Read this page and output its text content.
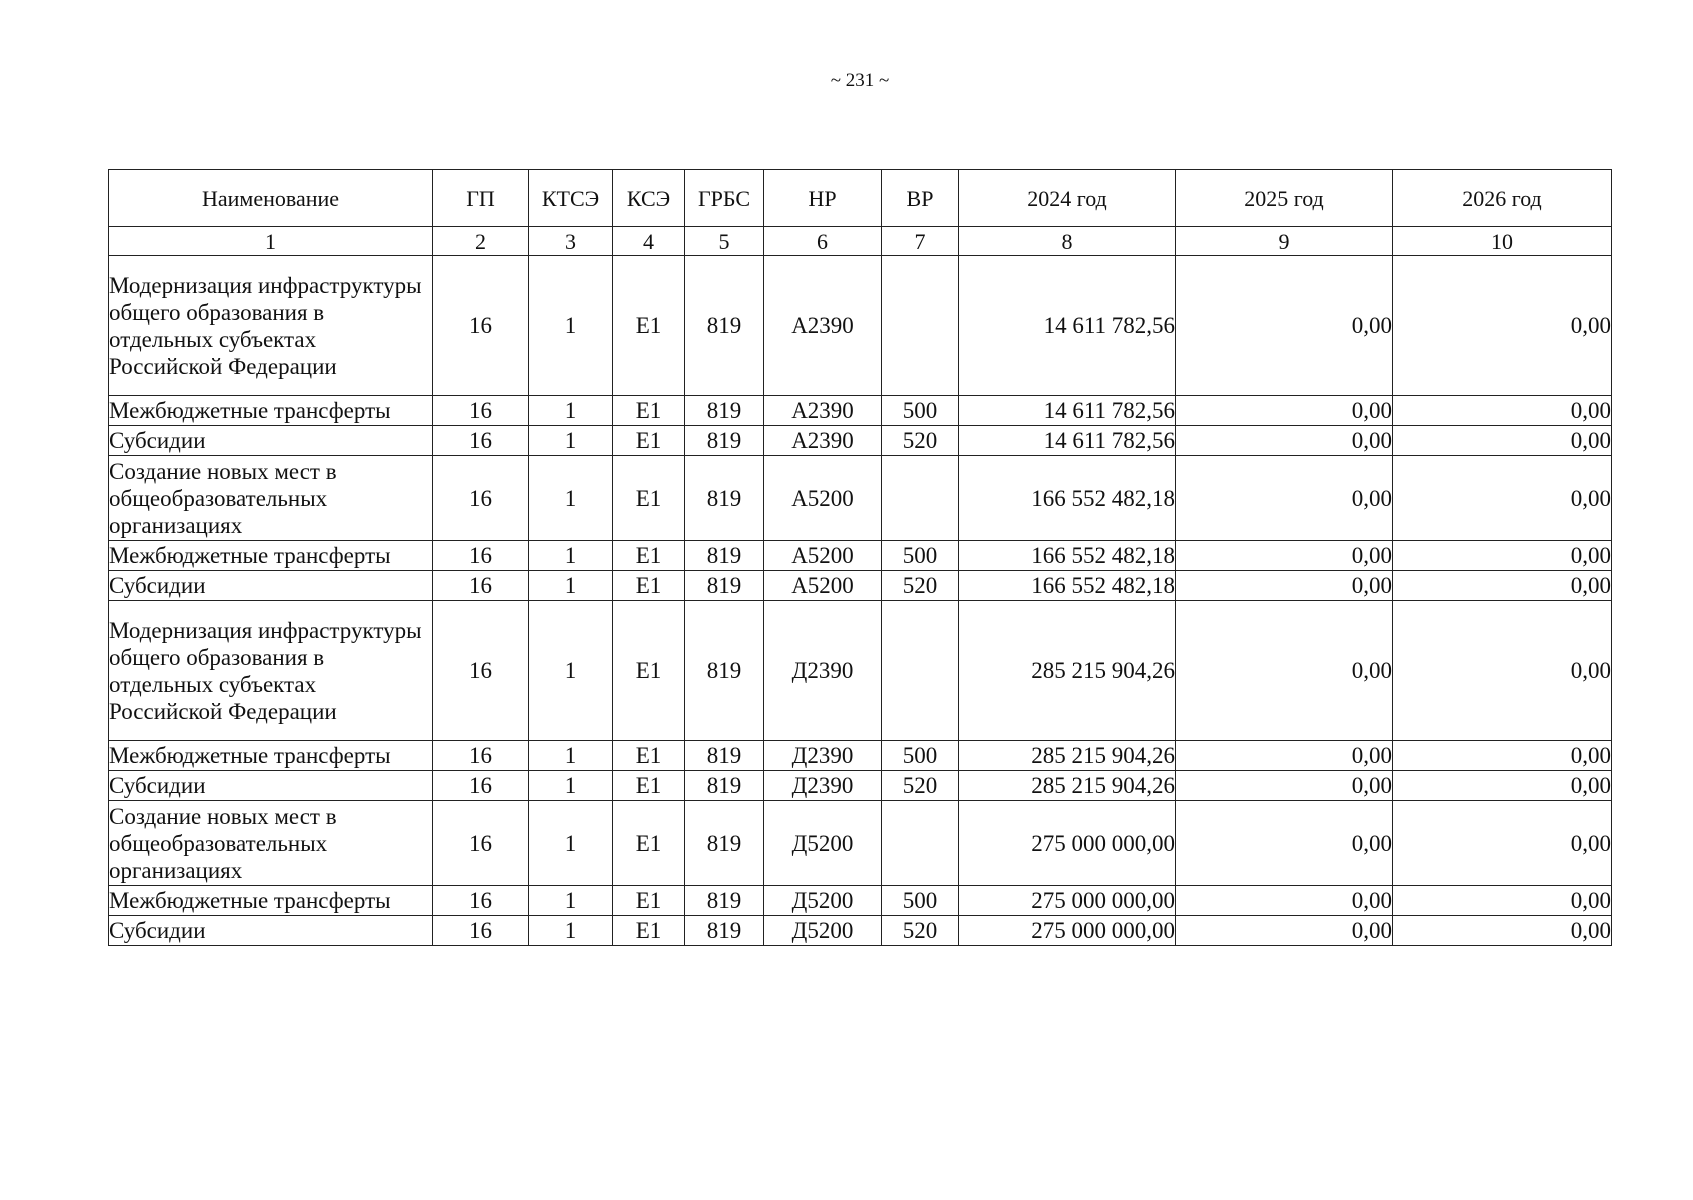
~ 231 ~
Наименование	ГП	КТСЭ	КСЭ	ГРБС	НР	ВР	2024 год	2025 год	2026 год
1	2	3	4	5	6	7	8	9	10
Модернизация инфраструктуры общего образования в отдельных субъектах Российской Федерации	16	1	Е1	819	А2390		14 611 782,56	0,00	0,00
Межбюджетные трансферты	16	1	Е1	819	А2390	500	14 611 782,56	0,00	0,00
Субсидии	16	1	Е1	819	А2390	520	14 611 782,56	0,00	0,00
Создание новых мест в общеобразовательных организациях	16	1	Е1	819	А5200		166 552 482,18	0,00	0,00
Межбюджетные трансферты	16	1	Е1	819	А5200	500	166 552 482,18	0,00	0,00
Субсидии	16	1	Е1	819	А5200	520	166 552 482,18	0,00	0,00
Модернизация инфраструктуры общего образования в отдельных субъектах Российской Федерации	16	1	Е1	819	Д2390		285 215 904,26	0,00	0,00
Межбюджетные трансферты	16	1	Е1	819	Д2390	500	285 215 904,26	0,00	0,00
Субсидии	16	1	Е1	819	Д2390	520	285 215 904,26	0,00	0,00
Создание новых мест в общеобразовательных организациях	16	1	Е1	819	Д5200		275 000 000,00	0,00	0,00
Межбюджетные трансферты	16	1	Е1	819	Д5200	500	275 000 000,00	0,00	0,00
Субсидии	16	1	Е1	819	Д5200	520	275 000 000,00	0,00	0,00
